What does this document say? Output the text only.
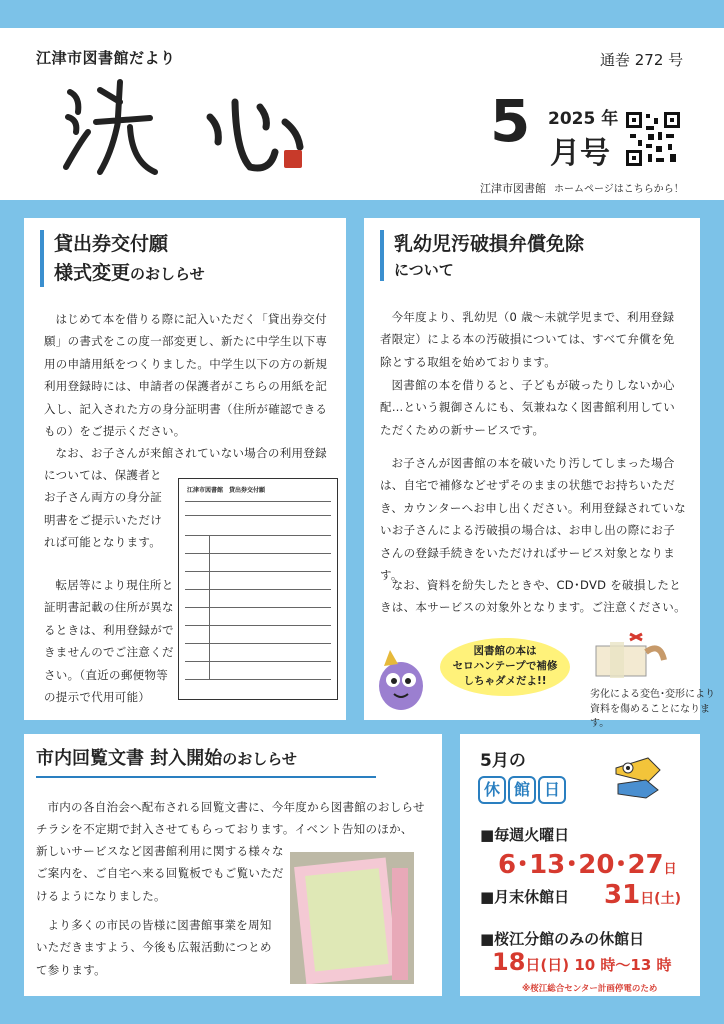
江津市図書館だより	通巻 272 号
洗心
5 2025 年
月号
江津市図書館 ホームページはこちらから！
貸出券交付願
様式変更のおしらせ
はじめて本を借りる際に記入いただく「貸出券交付願」の書式をこの度一部変更し、新たに中学生以下専用の申請用紙をつくりました。中学生以下の方の新規利用登録時には、申請者の保護者がこちらの用紙を記入し、記入された方の身分証明書（住所が確認できるもの）をご提示ください。
なお、お子さんが来館されていない場合の利用登録
については、保護者とお子さん両方の身分証明書をご提示いただければ可能となります。
転居等により現住所と証明書記載の住所が異なるときは、利用登録ができませんのでご注意ください。（直近の郵便物等の提示で代用可能）
江津市図書館　貸出券交付願
乳幼児汚破損弁償免除
について
今年度より、乳幼児（0 歳〜未就学児まで、利用登録者限定）による本の汚破損については、すべて弁償を免除とする取組を始めております。
図書館の本を借りると、子どもが破ったりしないか心配…という親御さんにも、気兼ねなく図書館利用していただくための新サービスです。
お子さんが図書館の本を破いたり汚してしまった場合は、自宅で補修などせずそのままの状態でお持ちいただき、カウンターへお申し出ください。利用登録されていないお子さんによる汚破損の場合は、お申し出の際にお子さんの登録手続きをいただければサービス対象となります。
なお、資料を紛失したときや、CD･DVD を破損したときは、本サービスの対象外となります。ご注意ください。
図書館の本は
セロハンテープで補修
しちゃダメだよ!!
劣化による変色･変形により
資料を傷めることになります。
市内回覧文書 封入開始のおしらせ
市内の各自治会へ配布される回覧文書に、今年度から図書館のおしらせチラシを不定期で封入させてもらっております。イベント告知のほか、
新しいサービスなど図書館利用に関する様々なご案内を、ご自宅へ来る回覧板でもご覧いただけるようになりました。
より多くの市民の皆様に図書館事業を周知いただきますよう、今後も広報活動につとめて参ります。
5月の
休 館 日
■毎週火曜日
6･13･20･27日
■月末休館日 31日(土)
■桜江分館のみの休館日
18日(日) 10 時〜13 時
※桜江総合センター計画停電のため
